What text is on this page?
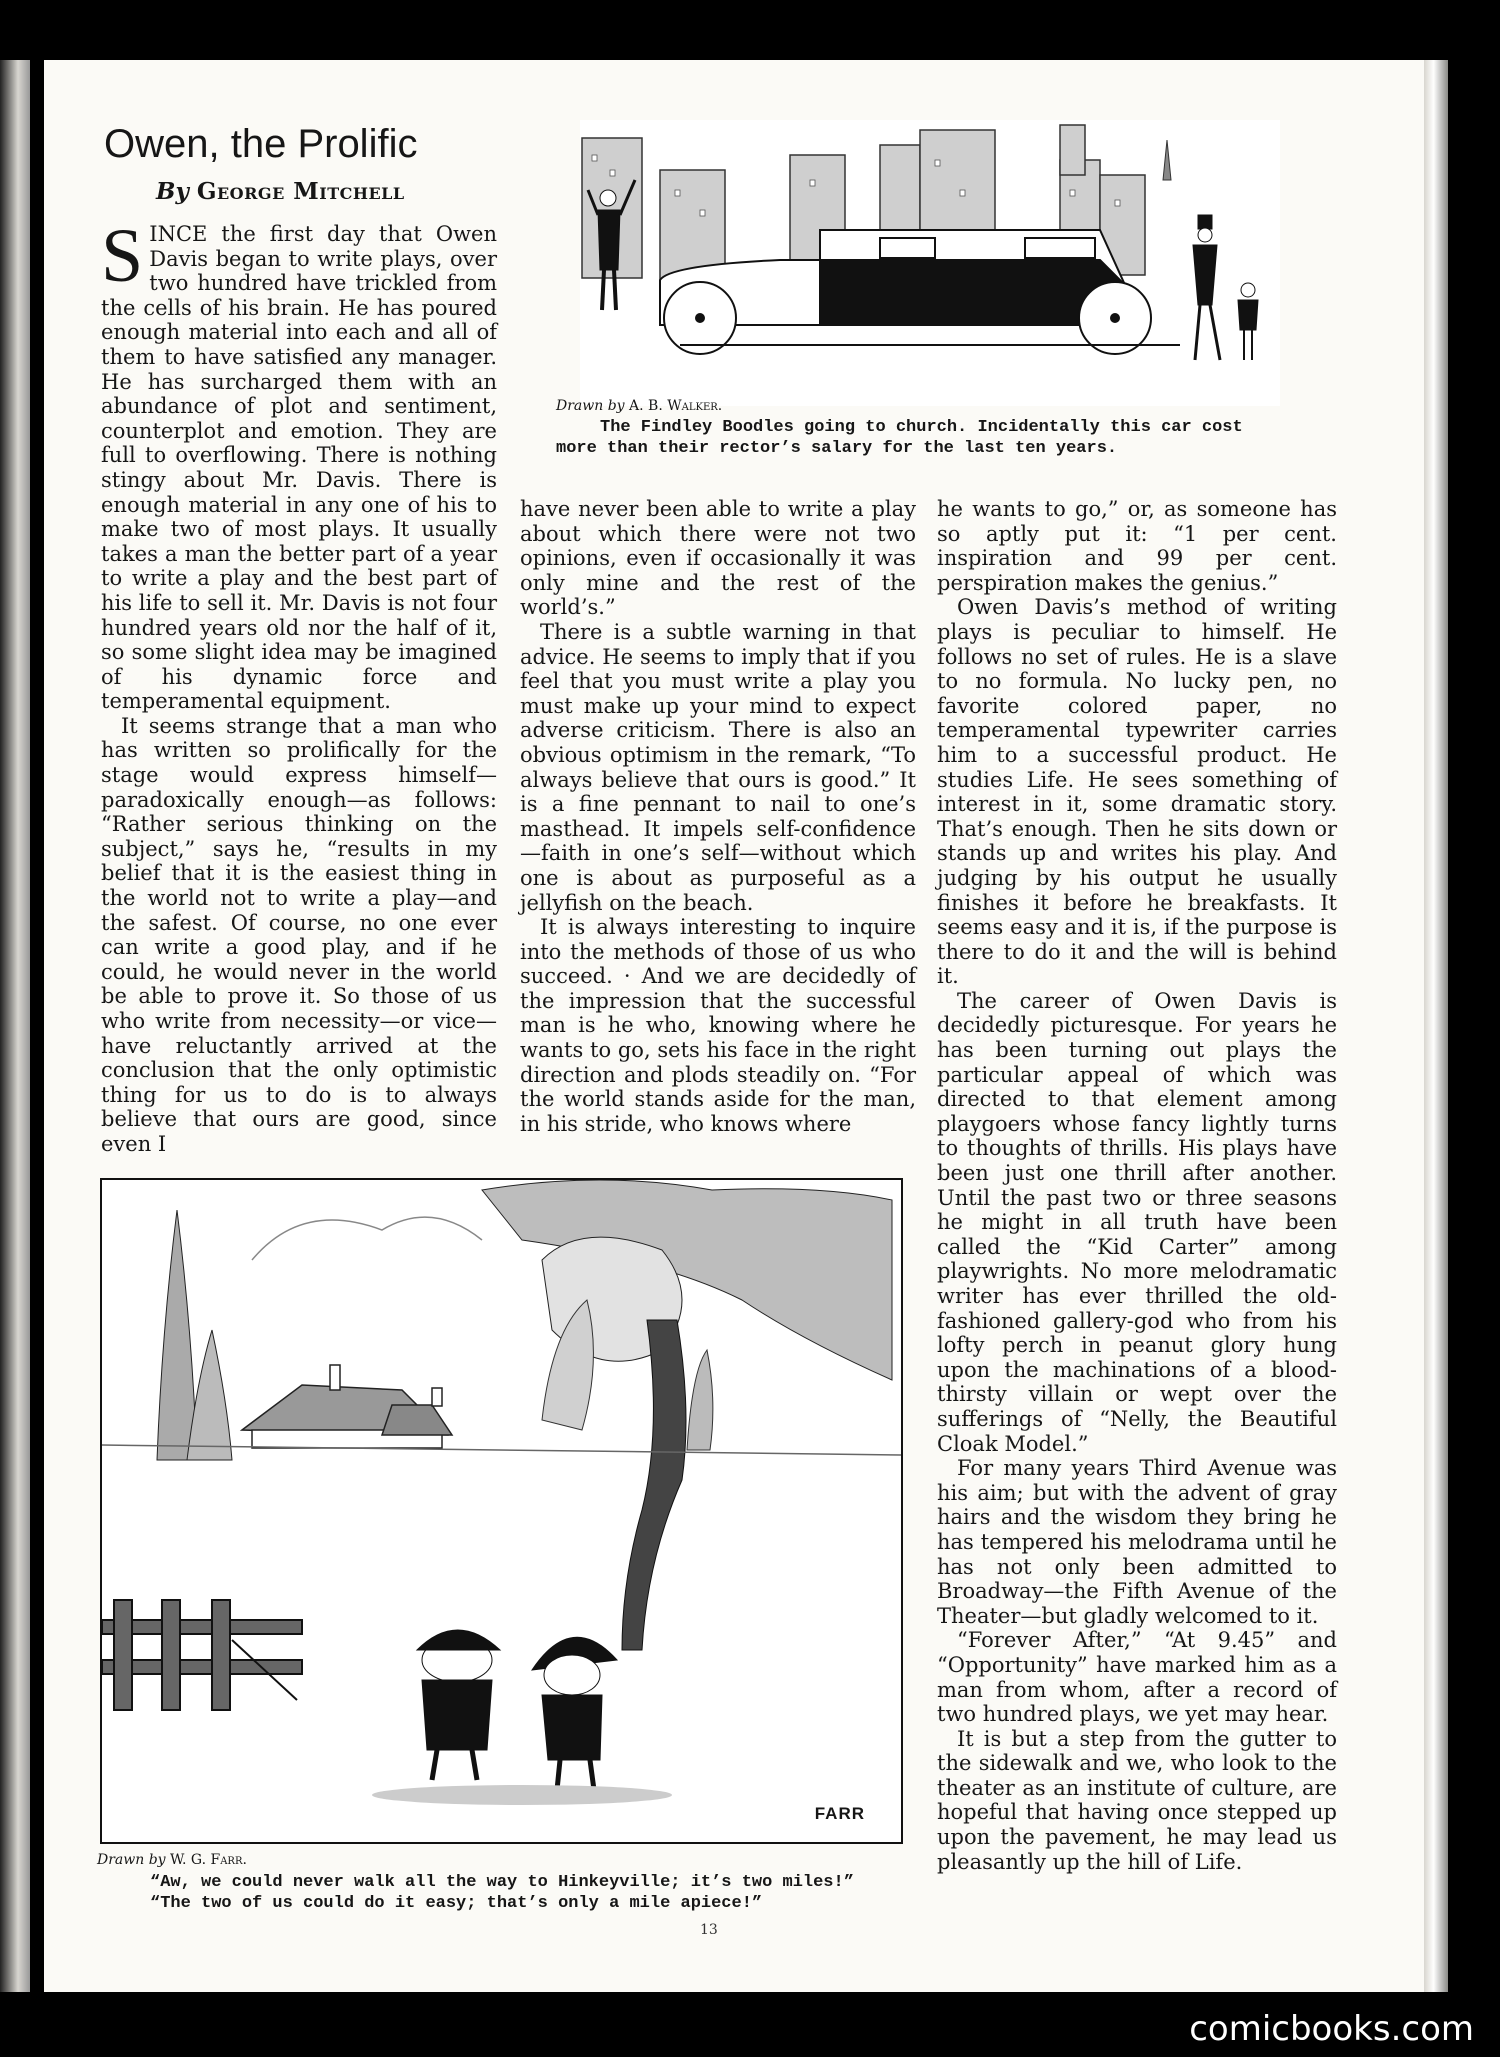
Owen, the Prolific
By George Mitchell

SINCE the first day that Owen Davis began to write plays, over two hundred have trickled from the cells of his brain. He has poured enough material into each and all of them to have satisfied any manager. He has surcharged them with an abundance of plot and sentiment, counterplot and emotion. They are full to overflowing. There is nothing stingy about Mr. Davis. There is enough material in any one of his to make two of most plays. It usually takes a man the better part of a year to write a play and the best part of his life to sell it. Mr. Davis is not four hundred years old nor the half of it, so some slight idea may be imagined of his dynamic force and temperamental equipment.

It seems strange that a man who has written so prolifically for the stage would express himself—paradoxically enough—as follows: “Rather serious thinking on the subject,” says he, “results in my belief that it is the easiest thing in the world not to write a play—and the safest. Of course, no one ever can write a good play, and if he could, he would never in the world be able to prove it. So those of us who write from necessity—or vice—have reluctantly arrived at the conclusion that the only optimistic thing for us to do is to always believe that ours are good, since even I

have never been able to write a play about which there were not two opinions, even if occasionally it was only mine and the rest of the world’s.”

There is a subtle warning in that advice. He seems to imply that if you feel that you must write a play you must make up your mind to expect adverse criticism. There is also an obvious optimism in the remark, “To always believe that ours is good.” It is a fine pennant to nail to one’s masthead. It impels self-confidence—faith in one’s self—without which one is about as purposeful as a jellyfish on the beach.

It is always interesting to inquire into the methods of those of us who succeed. · And we are decidedly of the impression that the successful man is he who, knowing where he wants to go, sets his face in the right direction and plods steadily on. “For the world stands aside for the man, in his stride, who knows where

he wants to go,” or, as someone has so aptly put it: “1 per cent. inspiration and 99 per cent. perspiration makes the genius.”

Owen Davis’s method of writing plays is peculiar to himself. He follows no set of rules. He is a slave to no formula. No lucky pen, no favorite colored paper, no temperamental typewriter carries him to a successful product. He studies Life. He sees something of interest in it, some dramatic story. That’s enough. Then he sits down or stands up and writes his play. And judging by his output he usually finishes it before he breakfasts. It seems easy and it is, if the purpose is there to do it and the will is behind it.

The career of Owen Davis is decidedly picturesque. For years he has been turning out plays the particular appeal of which was directed to that element among playgoers whose fancy lightly turns to thoughts of thrills. His plays have been just one thrill after another. Until the past two or three seasons he might in all truth have been called the “Kid Carter” among playwrights. No more melodramatic writer has ever thrilled the old-fashioned gallery-god who from his lofty perch in peanut glory hung upon the machinations of a blood-thirsty villain or wept over the sufferings of “Nelly, the Beautiful Cloak Model.”

For many years Third Avenue was his aim; but with the advent of gray hairs and the wisdom they bring he has tempered his melodrama until he has not only been admitted to Broadway—the Fifth Avenue of the Theater—but gladly welcomed to it.

“Forever After,” “At 9.45” and “Opportunity” have marked him as a man from whom, after a record of two hundred plays, we yet may hear.

It is but a step from the gutter to the sidewalk and we, who look to the theater as an institute of culture, are hopeful that having once stepped up upon the pavement, he may lead us pleasantly up the hill of Life.

Drawn by A. B. Walker.
The Findley Boodles going to church. Incidentally this car cost
more than their rector’s salary for the last ten years.
FARR
Drawn by W. G. Farr.
“Aw, we could never walk all the way to Hinkeyville; it’s two miles!”
“The two of us could do it easy; that’s only a mile apiece!”
13
comicbooks.com
